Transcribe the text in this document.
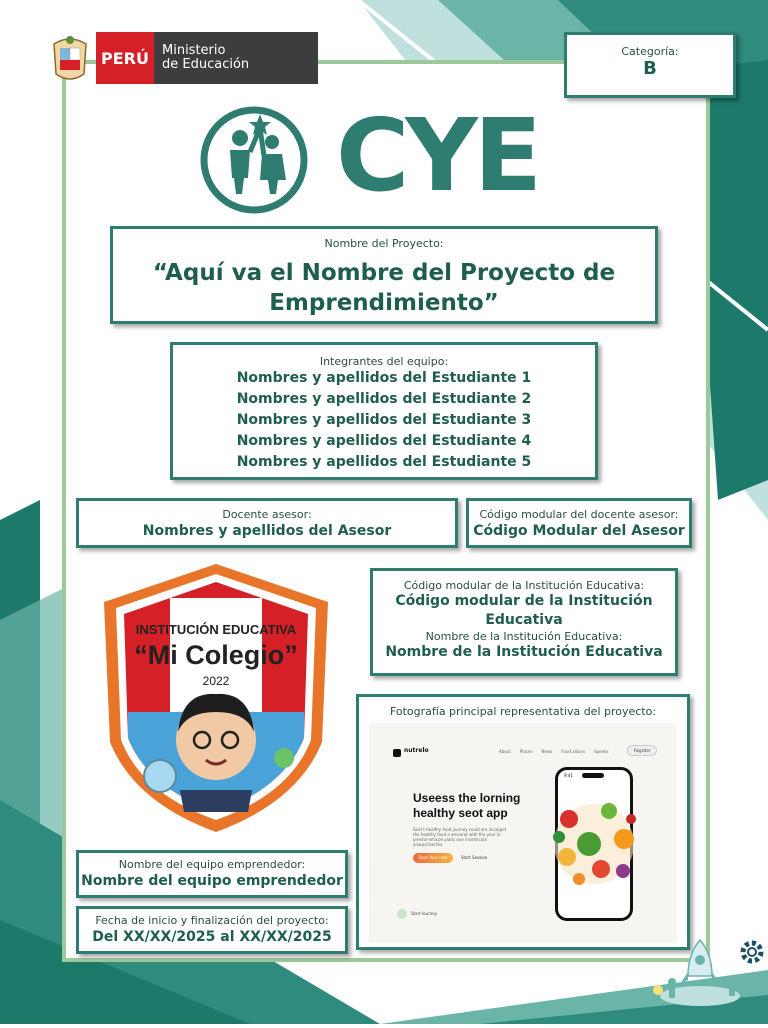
PERÚ	Ministerio
de Educación
Categoría:
B
CYE
Nombre del Proyecto:
“Aquí va el Nombre del Proyecto de Emprendimiento”
Integrantes del equipo:
Nombres y apellidos del Estudiante 1
Nombres y apellidos del Estudiante 2
Nombres y apellidos del Estudiante 3
Nombres y apellidos del Estudiante 4
Nombres y apellidos del Estudiante 5
Docente asesor:
Nombres y apellidos del Asesor
Código modular del docente asesor:
Código Modular del Asesor
Código modular de la Institución Educativa:
Código modular de la Institución Educativa
Nombre de la Institución Educativa:
Nombre de la Institución Educativa
INSTITUCIÓN EDUCATIVA
“Mi Colegio”
2022
Fotografía principal representativa del proyecto:
nutrelo	About Places News Food allians Speeks	Register
Useess the lorning healthy seot app
Seot t healthy food journey could are incubpet the healthy food a emvorat with the your in preetor-whicpe plaits one incomicate yoaqsctisortes.
Start Your now	Start Session
9:41
Start lourney
Nombre del equipo emprendedor:
Nombre del equipo emprendedor
Fecha de inicio y finalización del proyecto:
Del XX/XX/2025 al XX/XX/2025
